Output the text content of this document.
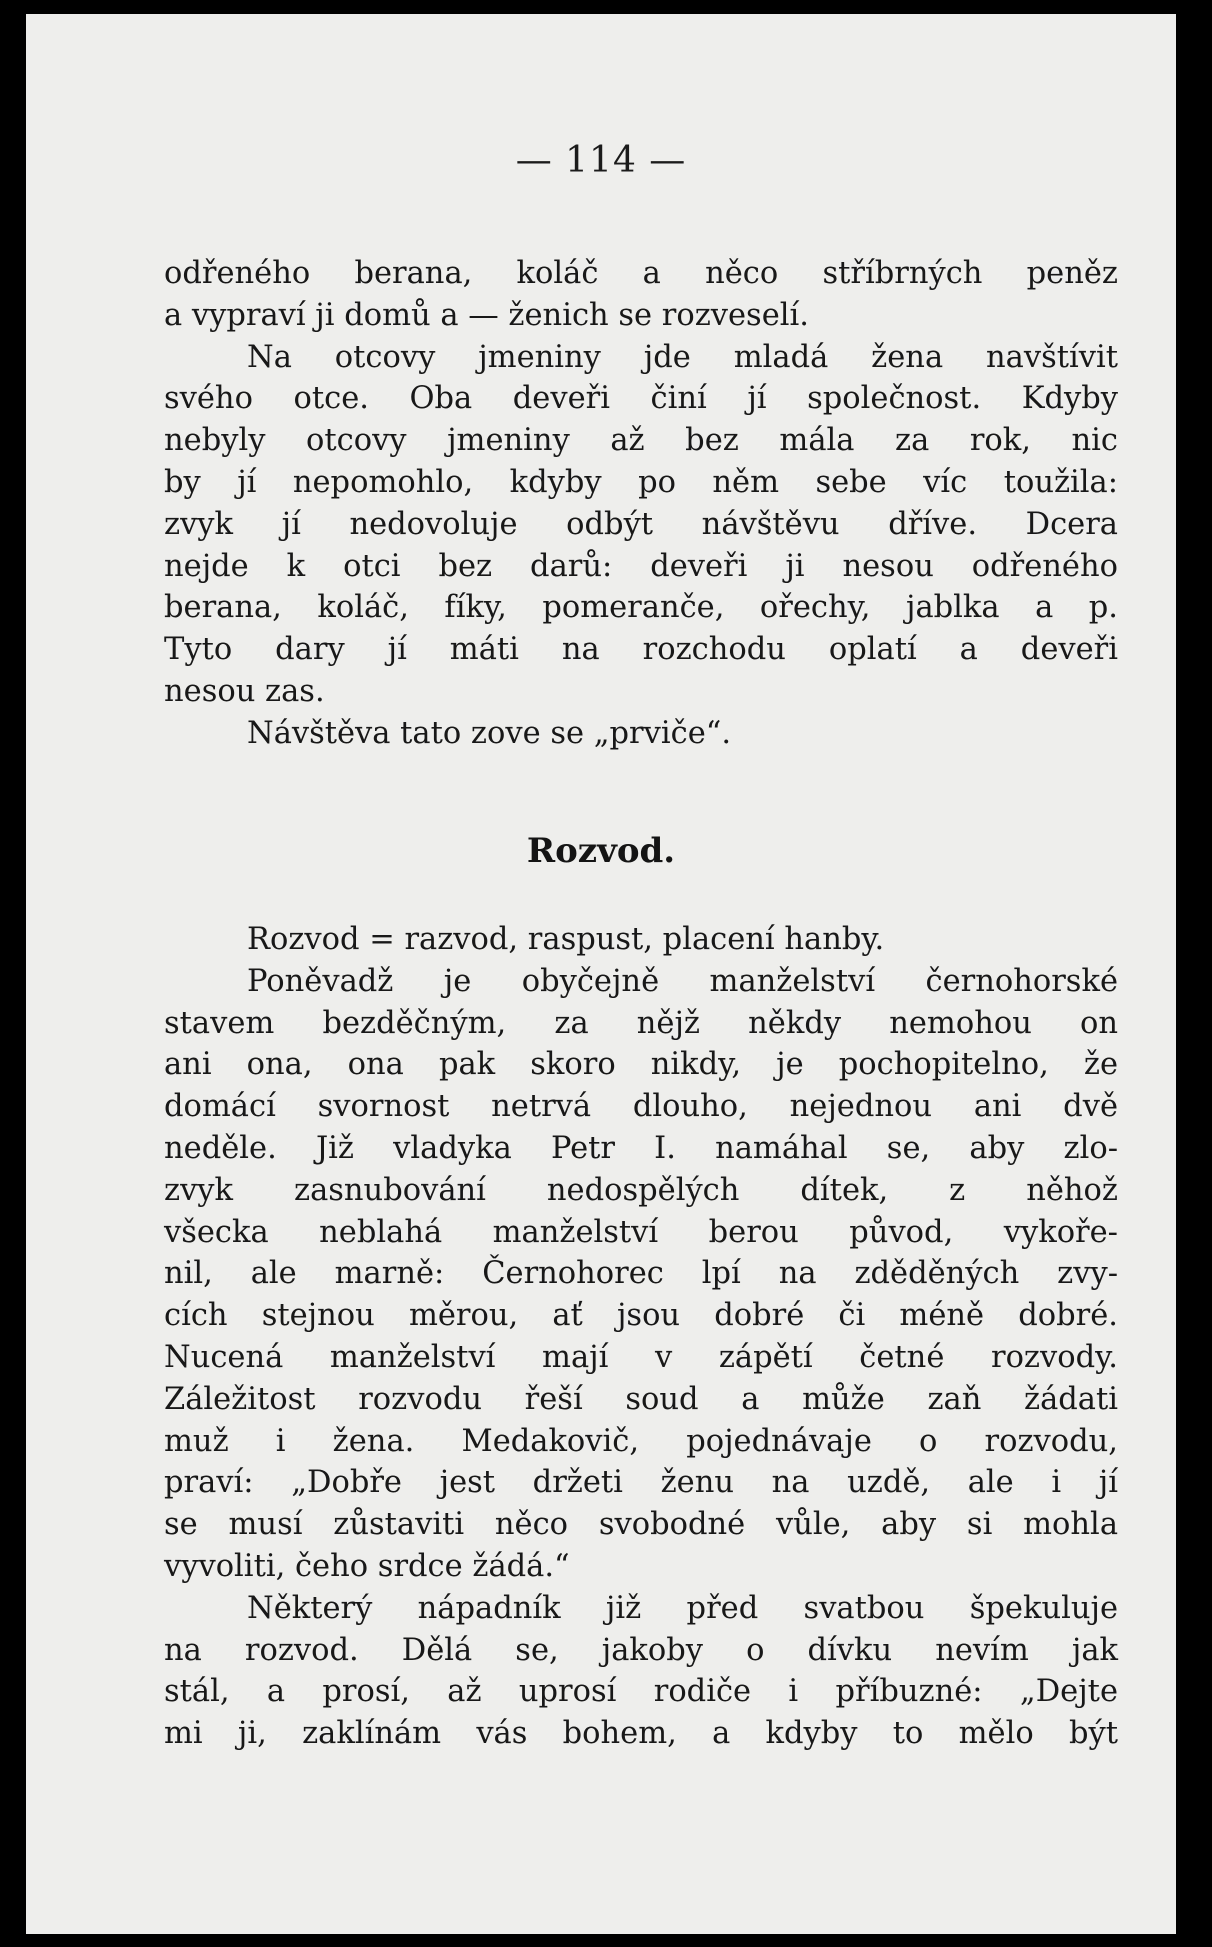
— 114 —
odřeného berana, koláč a něco stříbrných peněz
a vypraví ji domů a — ženich se rozveselí.
Na otcovy jmeniny jde mladá žena navštívit
svého otce. Oba deveři činí jí společnost. Kdyby
nebyly otcovy jmeniny až bez mála za rok, nic
by jí nepomohlo, kdyby po něm sebe víc toužila:
zvyk jí nedovoluje odbýt návštěvu dříve. Dcera
nejde k otci bez darů: deveři ji nesou odřeného
berana, koláč, fíky, pomeranče, ořechy, jablka a p.
Tyto dary jí máti na rozchodu oplatí a deveři
nesou zas.
Návštěva tato zove se „prviče“.
Rozvod.
Rozvod = razvod, raspust, placení hanby.
Poněvadž je obyčejně manželství černohorské
stavem bezděčným, za nějž někdy nemohou on
ani ona, ona pak skoro nikdy, je pochopitelno, že
domácí svornost netrvá dlouho, nejednou ani dvě
neděle. Již vladyka Petr I. namáhal se, aby zlo-
zvyk zasnubování nedospělých dítek, z něhož
všecka neblahá manželství berou původ, vykoře-
nil, ale marně: Černohorec lpí na zděděných zvy-
cích stejnou měrou, ať jsou dobré či méně dobré.
Nucená manželství mají v zápětí četné rozvody.
Záležitost rozvodu řeší soud a může zaň žádati
muž i žena. Medakovič, pojednávaje o rozvodu,
praví: „Dobře jest držeti ženu na uzdě, ale i jí
se musí zůstaviti něco svobodné vůle, aby si mohla
vyvoliti, čeho srdce žádá.“
Některý nápadník již před svatbou špekuluje
na rozvod. Dělá se, jakoby o dívku nevím jak
stál, a prosí, až uprosí rodiče i příbuzné: „Dejte
mi ji, zaklínám vás bohem, a kdyby to mělo být
